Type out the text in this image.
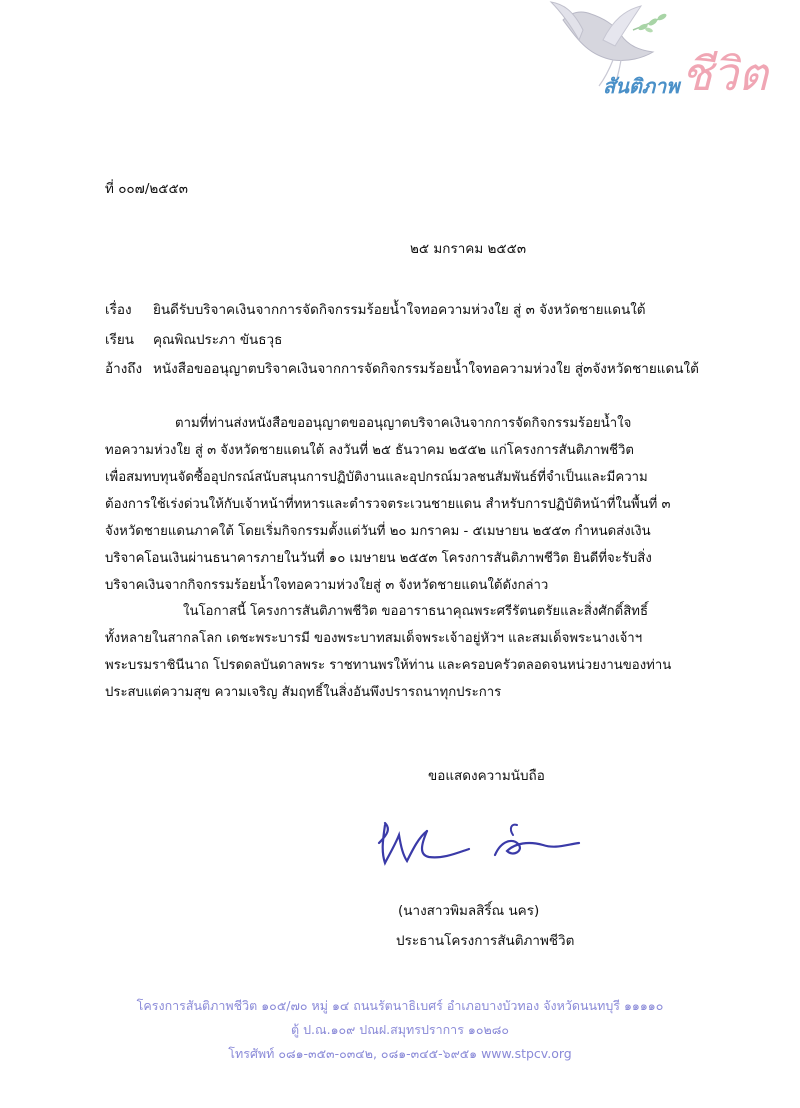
สันติภาพ ชีวิต
ที่ ๐๐๗/๒๕๕๓
๒๕ มกราคม ๒๕๕๓
เรื่อง ยินดีรับบริจาคเงินจากการจัดกิจกรรมร้อยน้ำใจทอความห่วงใย สู่ ๓ จังหวัดชายแดนใต้
เรียน คุณพิณประภา ขันธวุธ
อ้างถึง หนังสือขออนุญาตบริจาคเงินจากการจัดกิจกรรมร้อยน้ำใจทอความห่วงใย สู่๓จังหวัดชายแดนใต้
ตามที่ท่านส่งหนังสือขออนุญาตขออนุญาตบริจาคเงินจากการจัดกิจกรรมร้อยน้ำใจ
ทอความห่วงใย สู่ ๓ จังหวัดชายแดนใต้ ลงวันที่ ๒๕ ธันวาคม ๒๕๕๒ แก่โครงการสันติภาพชีวิต
เพื่อสมทบทุนจัดซื้ออุปกรณ์สนับสนุนการปฏิบัติงานและอุปกรณ์มวลชนสัมพันธ์ที่จำเป็นและมีความ
ต้องการใช้เร่งด่วนให้กับเจ้าหน้าที่ทหารและตำรวจตระเวนชายแดน สำหรับการปฏิบัติหน้าที่ในพื้นที่ ๓
จังหวัดชายแดนภาคใต้ โดยเริ่มกิจกรรมตั้งแต่วันที่ ๒๐ มกราคม - ๕เมษายน ๒๕๕๓ กำหนดส่งเงิน
บริจาคโอนเงินผ่านธนาคารภายในวันที่ ๑๐ เมษายน ๒๕๕๓ โครงการสันติภาพชีวิต ยินดีที่จะรับสิ่ง
บริจาคเงินจากกิจกรรมร้อยน้ำใจทอความห่วงใยสู่ ๓ จังหวัดชายแดนใต้ดังกล่าว
ในโอกาสนี้ โครงการสันติภาพชีวิต ขออาราธนาคุณพระศรีรัตนตรัยและสิ่งศักดิ์สิทธิ์
ทั้งหลายในสากลโลก เดชะพระบารมี ของพระบาทสมเด็จพระเจ้าอยู่หัวฯ และสมเด็จพระนางเจ้าฯ
พระบรมราชินีนาถ โปรดดลบันดาลพระ ราชทานพรให้ท่าน และครอบครัวตลอดจนหน่วยงานของท่าน
ประสบแต่ความสุข ความเจริญ สัมฤทธิ์ในสิ่งอันพึงปรารถนาทุกประการ
ขอแสดงความนับถือ
(นางสาวพิมลสิริ์ณ นคร)
ประธานโครงการสันติภาพชีวิต
โครงการสันติภาพชีวิต ๑๐๕/๗๐ หมู่ ๑๔ ถนนรัตนาธิเบศร์ อำเภอบางบัวทอง จังหวัดนนทบุรี ๑๑๑๑๐
ตู้ ป.ณ.๑๐๙ ปณฝ.สมุทรปราการ ๑๐๒๘๐
โทรศัพท์ ๐๘๑-๓๕๓-๐๓๔๒, ๐๘๑-๓๔๕-๖๙๕๑ www.stpcv.org
